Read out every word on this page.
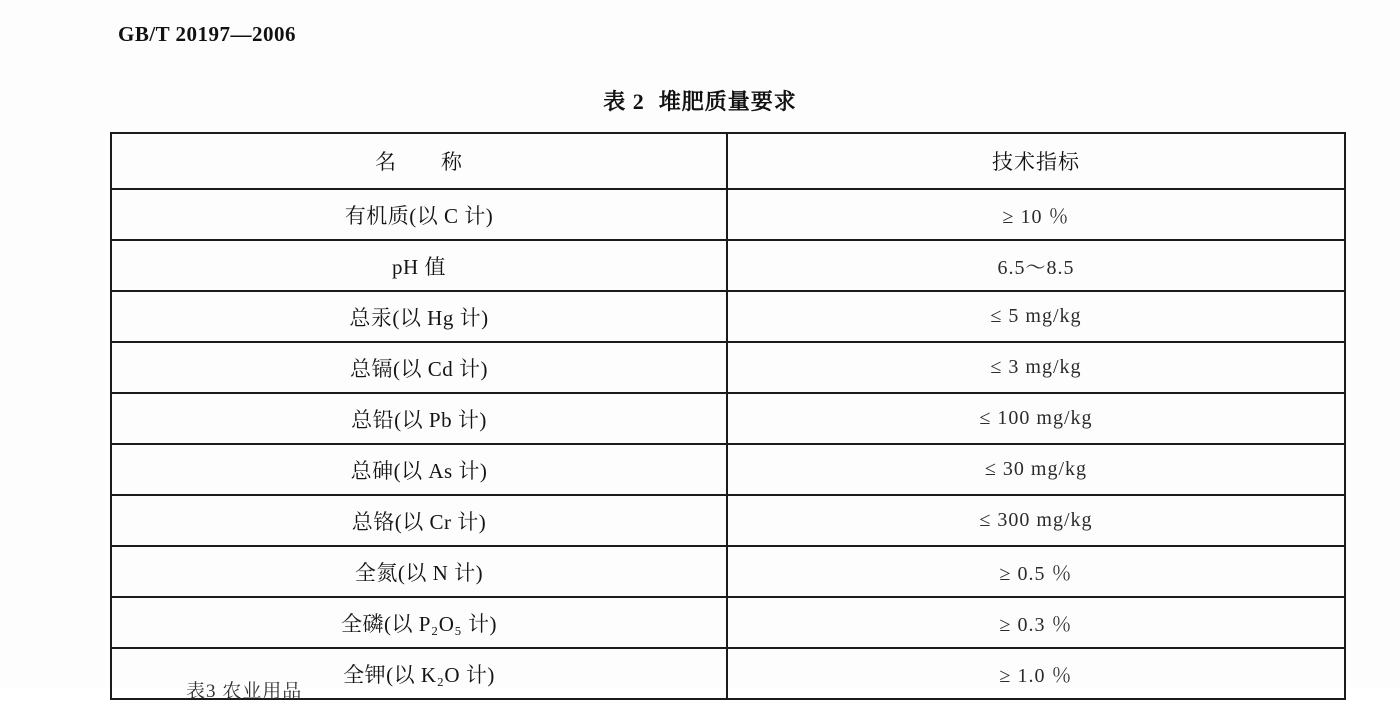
GB/T 20197—2006
表 2 堆肥质量要求
名　　称	技术指标
有机质(以 C 计)	≥ 10 ％
pH 值	6.5～8.5
总汞(以 Hg 计)	≤ 5 mg/kg
总镉(以 Cd 计)	≤ 3 mg/kg
总铅(以 Pb 计)	≤ 100 mg/kg
总砷(以 As 计)	≤ 30 mg/kg
总铬(以 Cr 计)	≤ 300 mg/kg
全氮(以 N 计)	≥ 0.5 ％
全磷(以 P₂O₅ 计)	≥ 0.3 ％
全钾(以 K₂O 计)	≥ 1.0 ％
表3 农业用品
